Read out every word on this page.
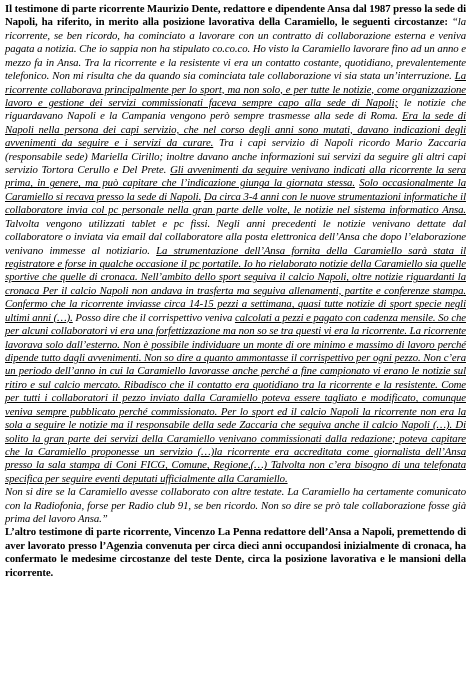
Il testimone di parte ricorrente Maurizio Dente, redattore e dipendente Ansa dal 1987 presso la sede di Napoli, ha riferito, in merito alla posizione lavorativa della Caramiello, le seguenti circostanze: “la ricorrente, se ben ricordo, ha cominciato a lavorare con un contratto di collaborazione esterna e veniva pagata a notizia. Che io sappia non ha stipulato co.co.co. Ho visto la Caramiello lavorare fino ad un anno e mezzo fa in Ansa. Tra la ricorrente e la resistente vi era un contatto costante, quotidiano, prevalentemente telefonico. Non mi risulta che da quando sia cominciata tale collaborazione vi sia stata un’interruzione. La ricorrente collaborava principalmente per lo sport, ma non solo, e per tutte le notizie, come organizzazione lavoro e gestione dei servizi commissionati faceva sempre capo alla sede di Napoli; le notizie che riguardavano Napoli e la Campania vengono però sempre trasmesse alla sede di Roma. Era la sede di Napoli nella persona dei capi servizio, che nel corso degli anni sono mutati, davano indicazioni degli avvenimenti da seguire e i servizi da curare. Tra i capi servizio di Napoli ricordo Mario Zaccaria (responsabile sede) Mariella Cirillo; inoltre davano anche informazioni sui servizi da seguire gli altri capi servizio Tortora Cerullo e Del Prete. Gli avvenimenti da seguire venivano indicati alla ricorrente la sera prima, in genere, ma può capitare che l’indicazione giunga la giornata stessa. Solo occasionalmente la Caramiello si recava presso la sede di Napoli. Da circa 3-4 anni con le nuove strumentazioni informatiche il collaboratore invia col pc personale nella gran parte delle volte, le notizie nel sistema informatico Ansa. Talvolta vengono utilizzati tablet e pc fissi. Negli anni precedenti le notizie venivano dettate dal collaboratore o inviata via email dal collaboratore alla posta elettronica dell’Ansa che dopo l’elaborazione venivano immesse al notiziario. La strumentazione dell’Ansa fornita della Caramiello sarà stata il registratore e forse in qualche occasione il pc portatile. Io ho rielaborato notizie della Caramiello sia quelle sportive che quelle di cronaca. Nell’ambito dello sport seguiva il calcio Napoli, oltre notizie riguardanti la cronaca Per il calcio Napoli non andava in trasferta ma seguiva allenamenti, partite e conferenze stampa. Confermo che la ricorrente inviasse circa 14-15 pezzi a settimana, quasi tutte notizie di sport specie negli ultimi anni (…). Posso dire che il corrispettivo veniva calcolati a pezzi e pagato con cadenza mensile. So che per alcuni collaboratori vi era una forfettizzazione ma non so se tra questi vi era la ricorrente. La ricorrente lavorava solo dall’esterno. Non è possibile individuare un monte di ore minimo e massimo di lavoro perché dipende tutto dagli avvenimenti. Non so dire a quanto ammontasse il corrispettivo per ogni pezzo. Non c’era un periodo dell’anno in cui la Caramiello lavorasse anche perché a fine campionato vi erano le notizie sul ritiro e sul calcio mercato. Ribadisco che il contatto era quotidiano tra la ricorrente e la resistente. Come per tutti i collaboratori il pezzo inviato dalla Caramiello poteva essere tagliato e modificato, comunque veniva sempre pubblicato perché commissionato. Per lo sport ed il calcio Napoli la ricorrente non era la sola a seguire le notizie ma il responsabile della sede Zaccaria che seguiva anche il calcio Napoli (…). Di solito la gran parte dei servizi della Caramiello venivano commissionati dalla redazione; poteva capitare che la Caramiello proponesse un servizio (…)la ricorrente era accreditata come giornalista dell’Ansa presso la sala stampa di Coni FICG, Comune, Regione,(…) Talvolta non c’era bisogno di una telefonata specifica per seguire eventi deputati ufficialmente alla Caramiello.
Non si dire se la Caramiello avesse collaborato con altre testate. La Caramiello ha certamente comunicato con la Radiofonia, forse per Radio club 91, se ben ricordo. Non so dire se prò tale collaborazione fosse già prima del lavoro Ansa.”

L’altro testimone di parte ricorrente, Vincenzo La Penna redattore dell’Ansa a Napoli, premettendo di aver lavorato presso l’Agenzia convenuta per circa dieci anni occupandosi inizialmente di cronaca, ha confermato le medesime circostanze del teste Dente, circa la posizione lavorativa e le mansioni della ricorrente.
